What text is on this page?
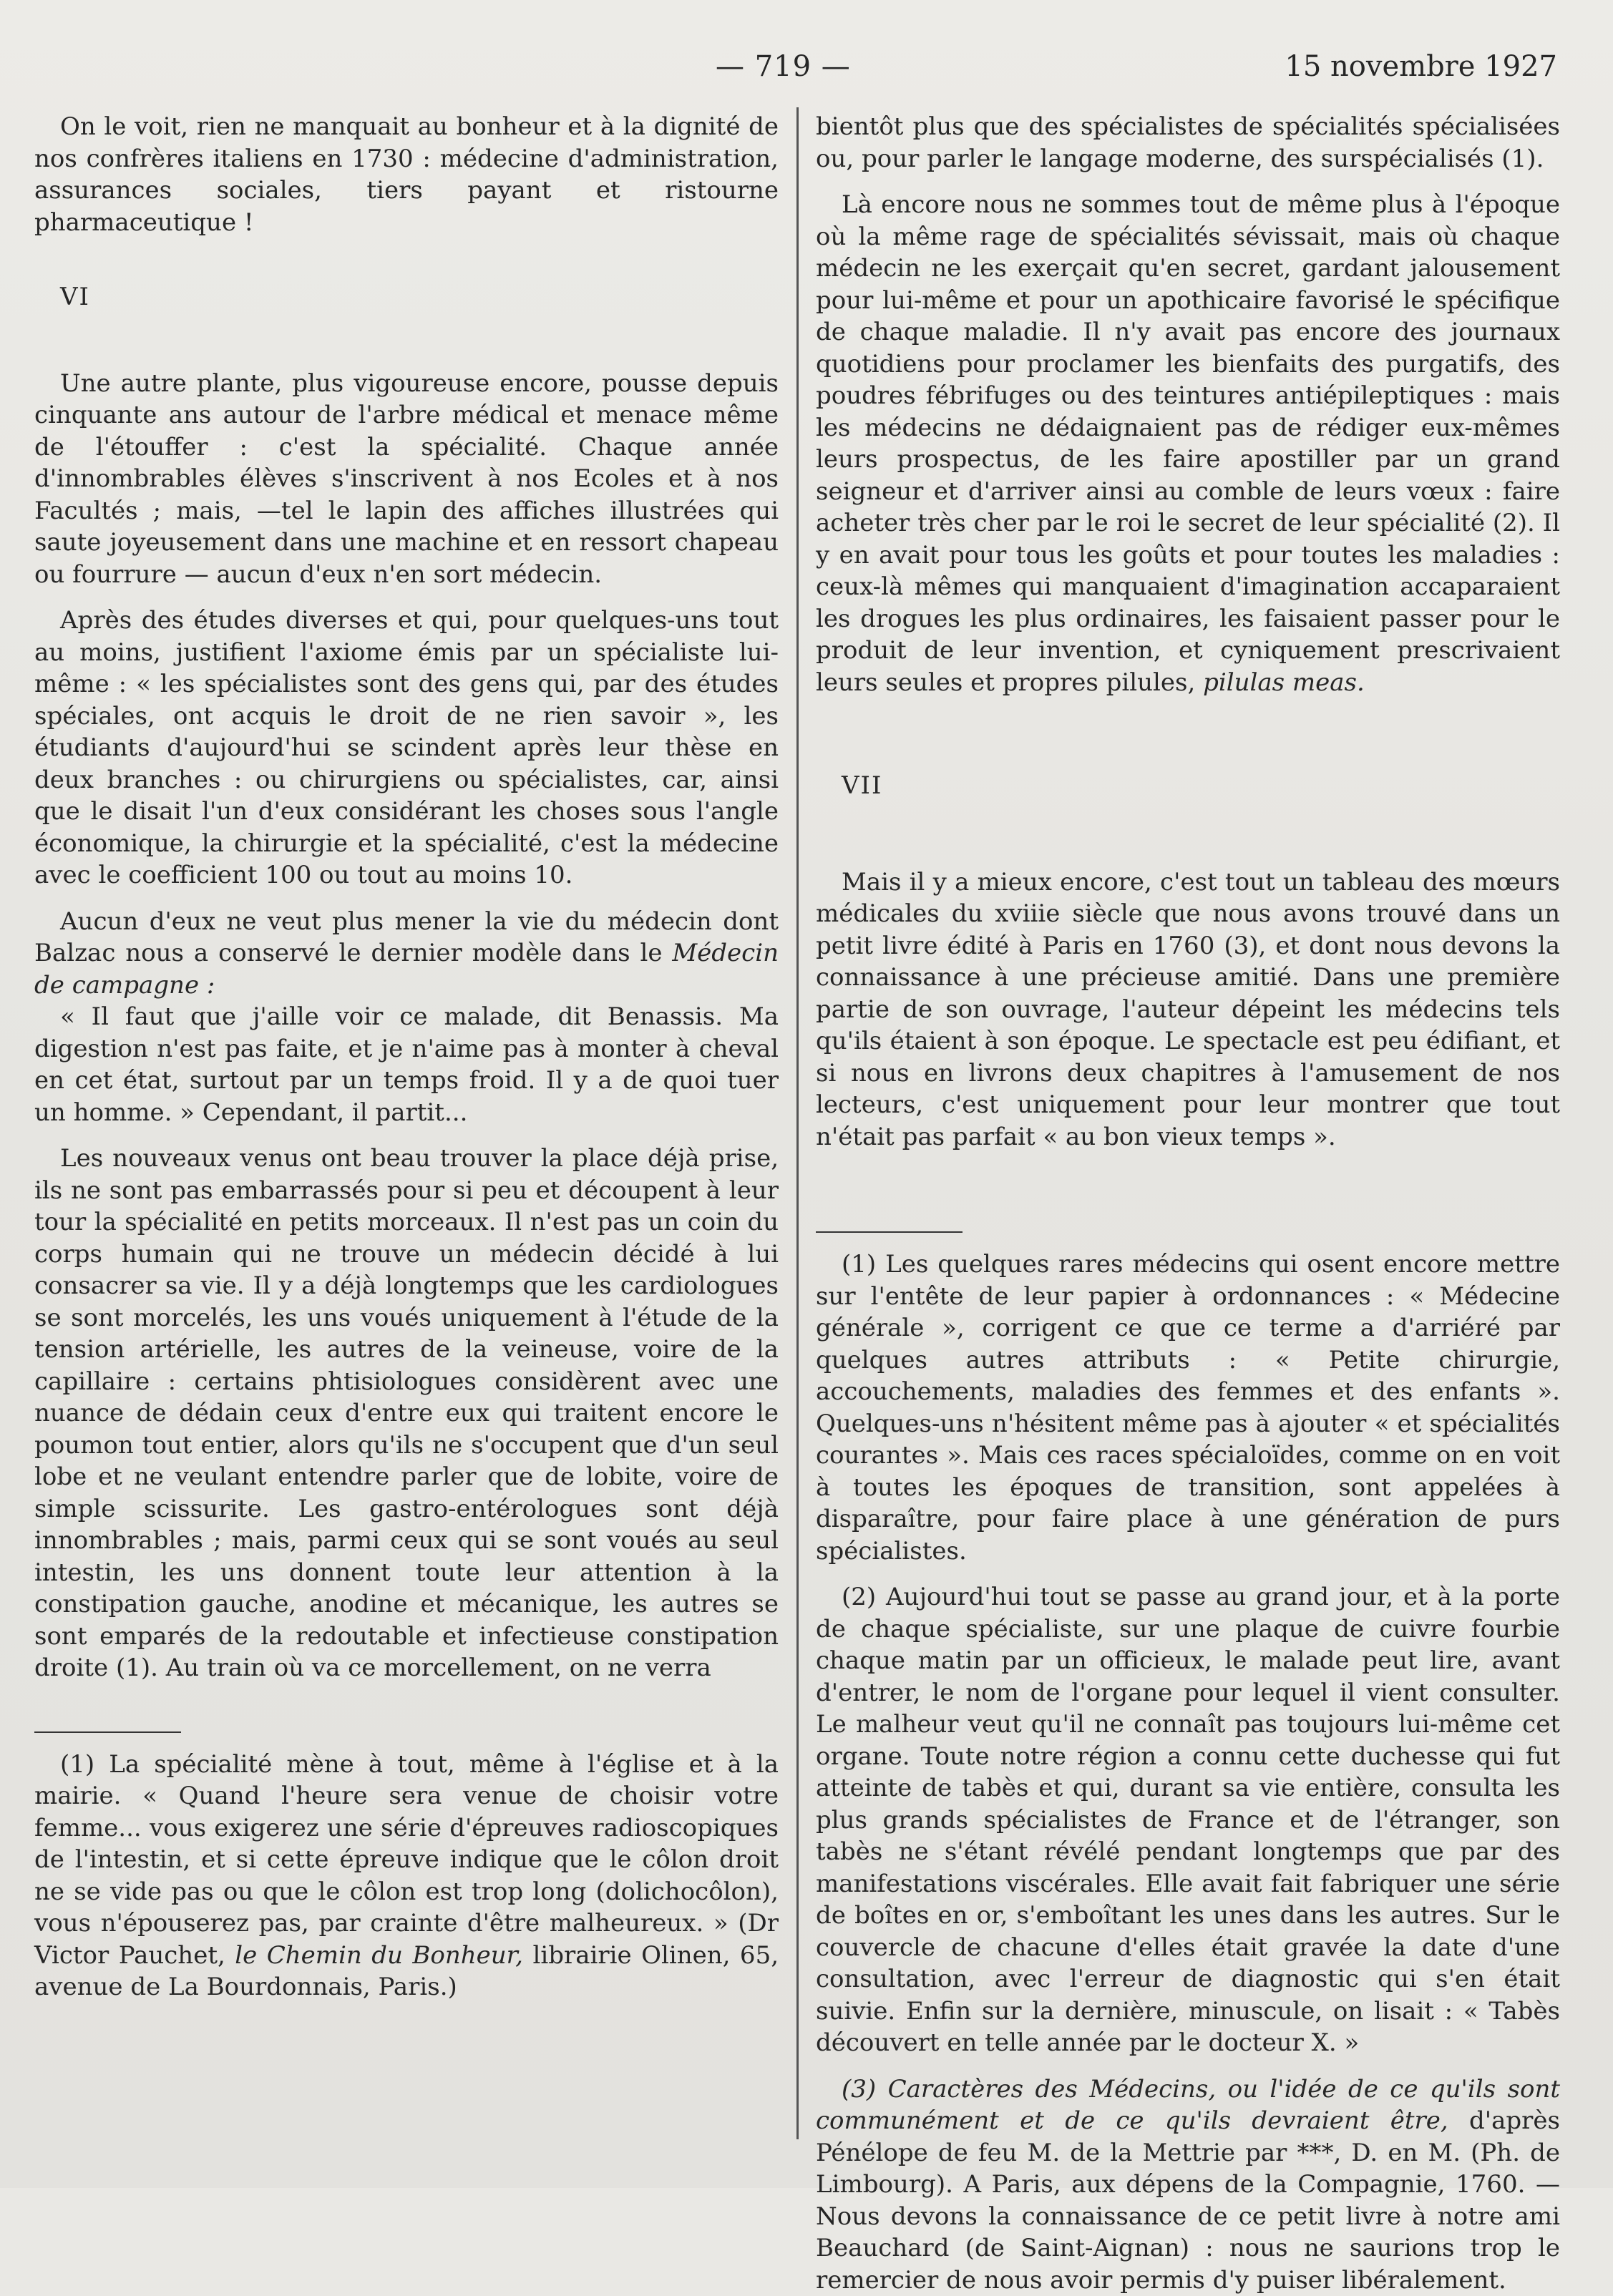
— 719 —	15 novembre 1927

On le voit, rien ne manquait au bonheur et à la dignité de nos confrères italiens en 1730 : médecine d'administration, assurances sociales, tiers payant et ristourne pharmaceutique !

VI

Une autre plante, plus vigoureuse encore, pousse depuis cinquante ans autour de l'arbre médical et menace même de l'étouffer : c'est la spécialité. Chaque année d'innombrables élèves s'inscrivent à nos Ecoles et à nos Facultés ; mais, —tel le lapin des affiches illustrées qui saute joyeusement dans une machine et en ressort chapeau ou fourrure — aucun d'eux n'en sort médecin.

Après des études diverses et qui, pour quelques-uns tout au moins, justifient l'axiome émis par un spécialiste lui-même : « les spécialistes sont des gens qui, par des études spéciales, ont acquis le droit de ne rien savoir », les étudiants d'aujourd'hui se scindent après leur thèse en deux branches : ou chirurgiens ou spécialistes, car, ainsi que le disait l'un d'eux considérant les choses sous l'angle économique, la chirurgie et la spécialité, c'est la médecine avec le coefficient 100 ou tout au moins 10.

Aucun d'eux ne veut plus mener la vie du médecin dont Balzac nous a conservé le dernier modèle dans le Médecin de campagne :

« Il faut que j'aille voir ce malade, dit Benassis. Ma digestion n'est pas faite, et je n'aime pas à monter à cheval en cet état, surtout par un temps froid. Il y a de quoi tuer un homme. » Cependant, il partit...

Les nouveaux venus ont beau trouver la place déjà prise, ils ne sont pas embarrassés pour si peu et découpent à leur tour la spécialité en petits morceaux. Il n'est pas un coin du corps humain qui ne trouve un médecin décidé à lui consacrer sa vie. Il y a déjà longtemps que les cardiologues se sont morcelés, les uns voués uniquement à l'étude de la tension artérielle, les autres de la veineuse, voire de la capillaire : certains phtisiologues considèrent avec une nuance de dédain ceux d'entre eux qui traitent encore le poumon tout entier, alors qu'ils ne s'occupent que d'un seul lobe et ne veulant entendre parler que de lobite, voire de simple scissurite. Les gastro-entérologues sont déjà innombrables ; mais, parmi ceux qui se sont voués au seul intestin, les uns donnent toute leur attention à la constipation gauche, anodine et mécanique, les autres se sont emparés de la redoutable et infectieuse constipation droite (1). Au train où va ce morcellement, on ne verra

(1) La spécialité mène à tout, même à l'église et à la mairie. « Quand l'heure sera venue de choisir votre femme... vous exigerez une série d'épreuves radioscopiques de l'intestin, et si cette épreuve indique que le côlon droit ne se vide pas ou que le côlon est trop long (dolichocôlon), vous n'épouserez pas, par crainte d'être malheureux. » (Dr Victor Pauchet, le Chemin du Bonheur, librairie Olinen, 65, avenue de La Bourdonnais, Paris.)

bientôt plus que des spécialistes de spécialités spécialisées ou, pour parler le langage moderne, des surspécialisés (1).

Là encore nous ne sommes tout de même plus à l'époque où la même rage de spécialités sévissait, mais où chaque médecin ne les exerçait qu'en secret, gardant jalousement pour lui-même et pour un apothicaire favorisé le spécifique de chaque maladie. Il n'y avait pas encore des journaux quotidiens pour proclamer les bienfaits des purgatifs, des poudres fébrifuges ou des teintures antiépileptiques : mais les médecins ne dédaignaient pas de rédiger eux-mêmes leurs prospectus, de les faire apostiller par un grand seigneur et d'arriver ainsi au comble de leurs vœux : faire acheter très cher par le roi le secret de leur spécialité (2). Il y en avait pour tous les goûts et pour toutes les maladies : ceux-là mêmes qui manquaient d'imagination accaparaient les drogues les plus ordinaires, les faisaient passer pour le produit de leur invention, et cyniquement prescrivaient leurs seules et propres pilules, pilulas meas.

VII

Mais il y a mieux encore, c'est tout un tableau des mœurs médicales du xviiie siècle que nous avons trouvé dans un petit livre édité à Paris en 1760 (3), et dont nous devons la connaissance à une précieuse amitié. Dans une première partie de son ouvrage, l'auteur dépeint les médecins tels qu'ils étaient à son époque. Le spectacle est peu édifiant, et si nous en livrons deux chapitres à l'amusement de nos lecteurs, c'est uniquement pour leur montrer que tout n'était pas parfait « au bon vieux temps ».

(1) Les quelques rares médecins qui osent encore mettre sur l'entête de leur papier à ordonnances : « Médecine générale », corrigent ce que ce terme a d'arriéré par quelques autres attributs : « Petite chirurgie, accouchements, maladies des femmes et des enfants ». Quelques-uns n'hésitent même pas à ajouter « et spécialités courantes ». Mais ces races spécialoïdes, comme on en voit à toutes les époques de transition, sont appelées à disparaître, pour faire place à une génération de purs spécialistes.

(2) Aujourd'hui tout se passe au grand jour, et à la porte de chaque spécialiste, sur une plaque de cuivre fourbie chaque matin par un officieux, le malade peut lire, avant d'entrer, le nom de l'organe pour lequel il vient consulter. Le malheur veut qu'il ne connaît pas toujours lui-même cet organe. Toute notre région a connu cette duchesse qui fut atteinte de tabès et qui, durant sa vie entière, consulta les plus grands spécialistes de France et de l'étranger, son tabès ne s'étant révélé pendant longtemps que par des manifestations viscérales. Elle avait fait fabriquer une série de boîtes en or, s'emboîtant les unes dans les autres. Sur le couvercle de chacune d'elles était gravée la date d'une consultation, avec l'erreur de diagnostic qui s'en était suivie. Enfin sur la dernière, minuscule, on lisait : « Tabès découvert en telle année par le docteur X. »

(3) Caractères des Médecins, ou l'idée de ce qu'ils sont communément et de ce qu'ils devraient être, d'après Pénélope de feu M. de la Mettrie par ***, D. en M. (Ph. de Limbourg). A Paris, aux dépens de la Compagnie, 1760. — Nous devons la connaissance de ce petit livre à notre ami Beauchard (de Saint-Aignan) : nous ne saurions trop le remercier de nous avoir permis d'y puiser libéralement.
